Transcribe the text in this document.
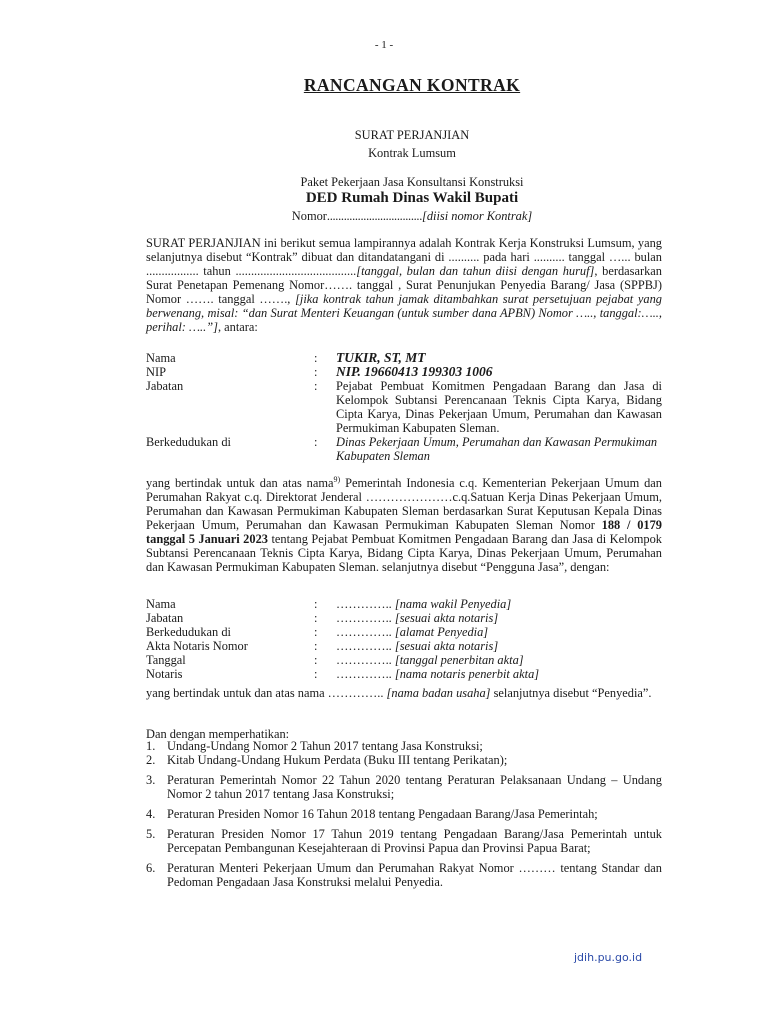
- 1 -
RANCANGAN KONTRAK
SURAT PERJANJIAN
Kontrak Lumsum
Paket Pekerjaan Jasa Konsultansi Konstruksi
DED Rumah Dinas Wakil Bupati
Nomor..................................[diisi nomor Kontrak]
SURAT PERJANJIAN ini berikut semua lampirannya adalah Kontrak Kerja Konstruksi Lumsum, yang selanjutnya disebut “Kontrak” dibuat dan ditandatangani di .......... pada hari .......... tanggal …... bulan ................. tahun .......................................[tanggal, bulan dan tahun diisi dengan huruf], berdasarkan Surat Penetapan Pemenang Nomor……. tanggal , Surat Penunjukan Penyedia Barang/ Jasa (SPPBJ) Nomor ……. tanggal ……., [jika kontrak tahun jamak ditambahkan surat persetujuan pejabat yang berwenang, misal: “dan Surat Menteri Keuangan (untuk sumber dana APBN) Nomor ….., tanggal:….., perihal: …..”], antara:
Nama	:	TUKIR, ST, MT
NIP	:	NIP. 19660413 199303 1006
Jabatan	:	Pejabat Pembuat Komitmen Pengadaan Barang dan Jasa di Kelompok Subtansi Perencanaan Teknis Cipta Karya, Bidang Cipta Karya, Dinas Pekerjaan Umum, Perumahan dan Kawasan Permukiman Kabupaten Sleman.
Berkedudukan di	:	Dinas Pekerjaan Umum, Perumahan dan Kawasan Permukiman Kabupaten Sleman
yang bertindak untuk dan atas nama$^{9)}$ Pemerintah Indonesia c.q. Kementerian Pekerjaan Umum dan Perumahan Rakyat c.q. Direktorat Jenderal …………………c.q.Satuan Kerja Dinas Pekerjaan Umum, Perumahan dan Kawasan Permukiman Kabupaten Sleman berdasarkan Surat Keputusan Kepala Dinas Pekerjaan Umum, Perumahan dan Kawasan Permukiman Kabupaten Sleman Nomor 188 / 0179 tanggal 5 Januari 2023 tentang Pejabat Pembuat Komitmen Pengadaan Barang dan Jasa di Kelompok Subtansi Perencanaan Teknis Cipta Karya, Bidang Cipta Karya, Dinas Pekerjaan Umum, Perumahan dan Kawasan Permukiman Kabupaten Sleman. selanjutnya disebut “Pengguna Jasa”, dengan:
Nama	:	………….. [nama wakil Penyedia]
Jabatan	:	………….. [sesuai akta notaris]
Berkedudukan di	:	………….. [alamat Penyedia]
Akta Notaris Nomor	:	………….. [sesuai akta notaris]
Tanggal	:	………….. [tanggal penerbitan akta]
Notaris	:	………….. [nama notaris penerbit akta]
yang bertindak untuk dan atas nama ………….. [nama badan usaha] selanjutnya disebut “Penyedia”.
Dan dengan memperhatikan:
1. Undang-Undang Nomor 2 Tahun 2017 tentang Jasa Konstruksi;
2. Kitab Undang-Undang Hukum Perdata (Buku III tentang Perikatan);
3. Peraturan Pemerintah Nomor 22 Tahun 2020 tentang Peraturan Pelaksanaan Undang – Undang Nomor 2 tahun 2017 tentang Jasa Konstruksi;
4. Peraturan Presiden Nomor 16 Tahun 2018 tentang Pengadaan Barang/Jasa Pemerintah;
5. Peraturan Presiden Nomor 17 Tahun 2019 tentang Pengadaan Barang/Jasa Pemerintah untuk Percepatan Pembangunan Kesejahteraan di Provinsi Papua dan Provinsi Papua Barat;
6. Peraturan Menteri Pekerjaan Umum dan Perumahan Rakyat Nomor ……… tentang Standar dan Pedoman Pengadaan Jasa Konstruksi melalui Penyedia.
jdih.pu.go.id
